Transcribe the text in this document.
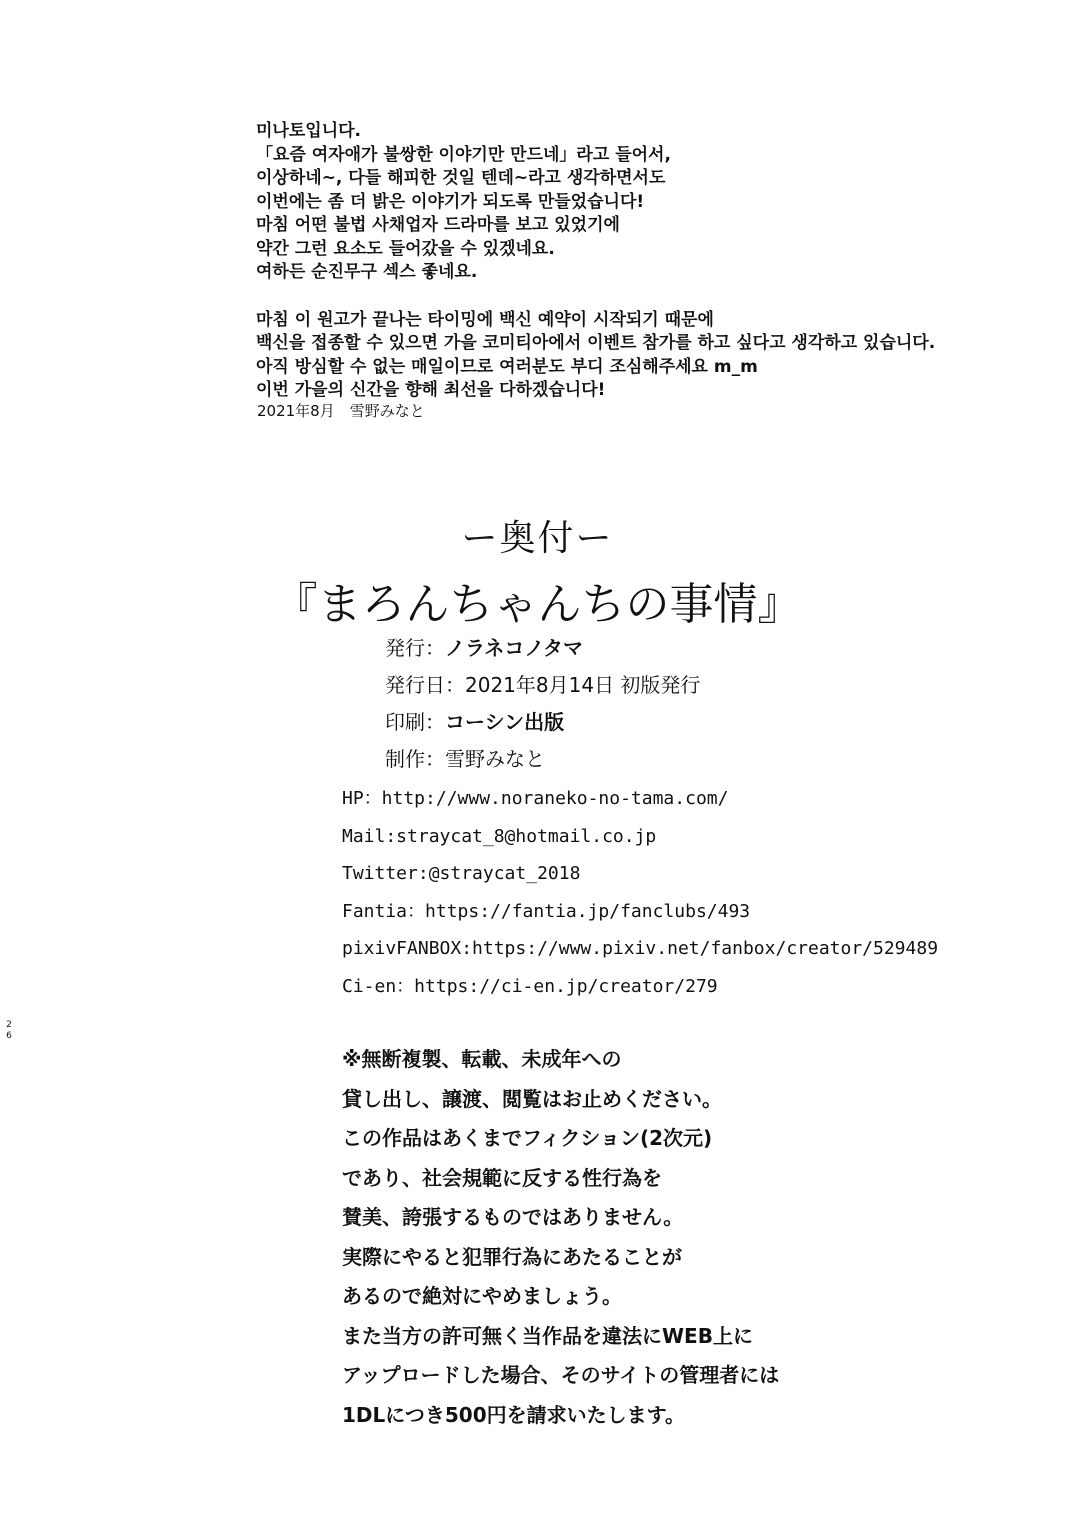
미나토입니다.
「요즘 여자애가 불쌍한 이야기만 만드네」라고 들어서,
이상하네~, 다들 해피한 것일 텐데~라고 생각하면서도
이번에는 좀 더 밝은 이야기가 되도록 만들었습니다!
마침 어떤 불법 사채업자 드라마를 보고 있었기에
약간 그런 요소도 들어갔을 수 있겠네요.
여하든 순진무구 섹스 좋네요.
마침 이 원고가 끝나는 타이밍에 백신 예약이 시작되기 때문에
백신을 접종할 수 있으면 가을 코미티아에서 이벤트 참가를 하고 싶다고 생각하고 있습니다.
아직 방심할 수 없는 매일이므로 여러분도 부디 조심해주세요 m_m
이번 가을의 신간을 향해 최선을 다하겠습니다!
2021年8月　雪野みなと
ー奥付ー
『まろんちゃんちの事情』
発行：ノラネコノタマ
発行日：2021年8月14日 初版発行
印刷：コーシン出版
制作：雪野みなと
HP：http://www.noraneko-no-tama.com/
Mail:straycat_8@hotmail.co.jp
Twitter:@straycat_2018
Fantia：https://fantia.jp/fanclubs/493
pixivFANBOX:https://www.pixiv.net/fanbox/creator/529489
Ci-en：https://ci-en.jp/creator/279
※無断複製、転載、未成年への
貸し出し、譲渡、閲覧はお止めください。
この作品はあくまでフィクション(2次元)
であり、社会規範に反する性行為を
賛美、誇張するものではありません。
実際にやると犯罪行為にあたることが
あるので絶対にやめましょう。
また当方の許可無く当作品を違法にWEB上に
アップロードした場合、そのサイトの管理者には
1DLにつき500円を請求いたします。
2
6
